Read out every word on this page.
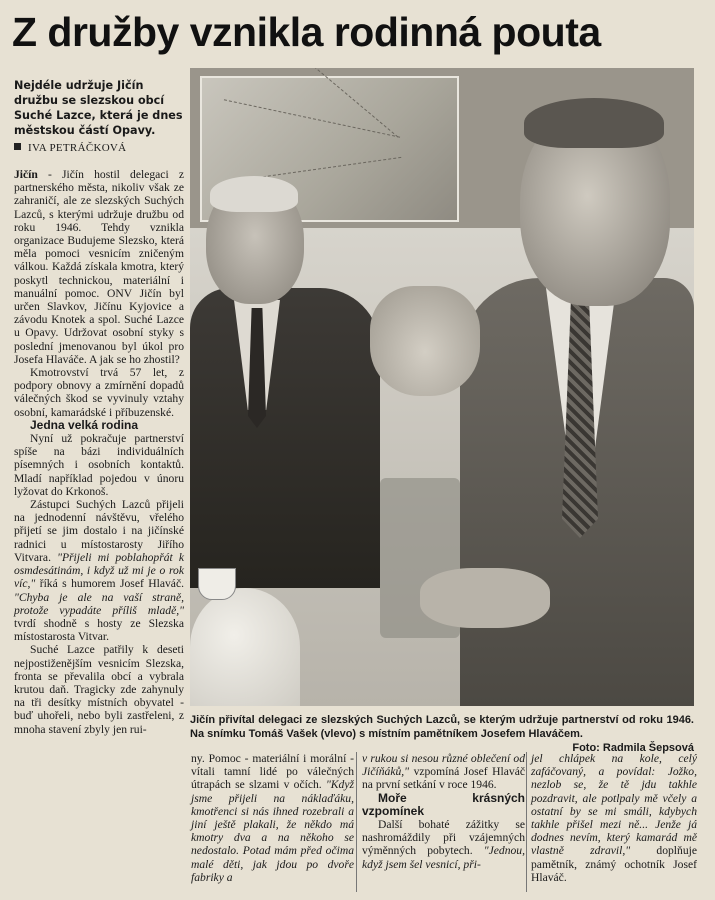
Z družby vznikla rodinná pouta
Nejdéle udržuje Jičín družbu se slezskou obcí Suché Lazce, která je dnes městskou částí Opavy.
IVA PETRÁČKOVÁ

Jičín - Jičín hostil delegaci z partnerského města, nikoliv však ze zahraničí, ale ze slezských Suchých Lazců, s kterými udržuje družbu od roku 1946. Tehdy vznikla organizace Budujeme Slezsko, která měla pomoci vesnicím zničeným válkou. Každá získala kmotra, který poskytl technickou, materiální i manuální pomoc. ONV Jičín byl určen Slavkov, Jičínu Kyjovice a závodu Knotek a spol. Suché Lazce u Opavy. Udržovat osobní styky s poslední jmenovanou byl úkol pro Josefa Hlaváče. A jak se ho zhostil?

Kmotrovství trvá 57 let, z podpory obnovy a zmírnění dopadů válečných škod se vyvinuly vztahy osobní, kamarádské i příbuzenské.

Jedna velká rodina

Nyní už pokračuje partnerství spíše na bázi individuálních písemných i osobních kontaktů. Mladí například pojedou v únoru lyžovat do Krkonoš.

Zástupci Suchých Lazců přijeli na jednodenní návštěvu, vřelého přijetí se jim dostalo i na jičínské radnici u místostarosty Jiřího Vitvara. "Přijeli mi poblahopřát k osmdesátinám, i když už mi je o rok víc," říká s humorem Josef Hlaváč. "Chyba je ale na vaší straně, protože vypadáte příliš mladě," tvrdí shodně s hosty ze Slezska místostarosta Vitvar.

Suché Lazce patřily k deseti nejpostiženějším vesnicím Slezska, fronta se převalila obcí a vybrala krutou daň. Tragicky zde zahynuly na tři desítky místních obyvatel - buď uhořeli, nebo byli zastřeleni, z mnoha stavení zbyly jen rui-

Jičín přivítal delegaci ze slezských Suchých Lazců, se kterým udržuje partnerství od roku 1946. Na snímku Tomáš Vašek (vlevo) s místním pamětníkem Josefem Hlaváčem.
Foto: Radmila Šepsová

ny. Pomoc - materiální i morální - vítali tamní lidé po válečných útrapách se slzami v očích. "Když jsme přijeli na náklaďáku, kmotřenci si nás ihned rozebrali a jiní ještě plakali, že někdo má kmotry dva a na někoho se nedostalo. Potad mám před očima malé děti, jak jdou po dvoře fabriky a

v rukou si nesou různé oblečení od Jičíňáků," vzpomíná Josef Hlaváč na první setkání v roce 1946.

Moře krásných vzpomínek

Další bohaté zážitky se nashromáždily při vzájemných výměnných pobytech. "Jednou, když jsem šel vesnicí, při-

jel chlápek na kole, celý zafáčovaný, a povídal: Jožko, nezlob se, že tě jdu takhle pozdravit, ale potlpaly mě včely a ostatní by se mi smáli, kdybych takhle přišel mezi ně... Jenže já dodnes nevím, který kamarád mě vlastně zdravil," doplňuje pamětník, známý ochotník Josef Hlaváč.
